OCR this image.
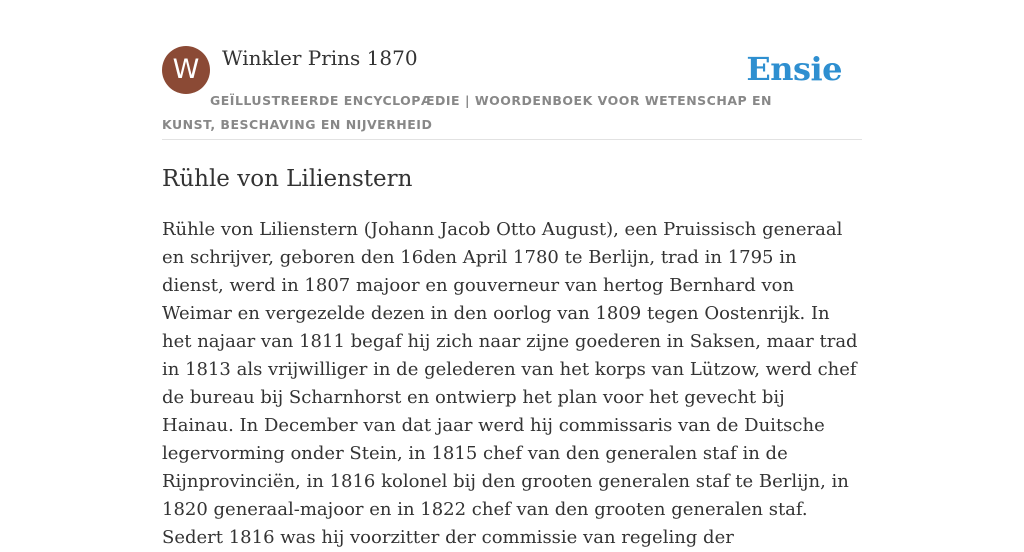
W	Winkler Prins 1870	Ensie
GEÏLLUSTREERDE ENCYCLOPÆDIE | WOORDENBOEK VOOR WETENSCHAP EN KUNST, BESCHAVING EN NIJVERHEID
Rühle von Lilienstern

Rühle von Lilienstern (Johann Jacob Otto August), een Pruissisch generaal en schrijver, geboren den 16den April 1780 te Berlijn, trad in 1795 in dienst, werd in 1807 majoor en gouverneur van hertog Bernhard von Weimar en vergezelde dezen in den oorlog van 1809 tegen Oostenrijk. In het najaar van 1811 begaf hij zich naar zijne goederen in Saksen, maar trad in 1813 als vrijwilliger in de gelederen van het korps van Lützow, werd chef de bureau bij Scharnhorst en ontwierp het plan voor het gevecht bij Hainau. In December van dat jaar werd hij commissaris van de Duitsche legervorming onder Stein, in 1815 chef van den generalen staf in de Rijnprovinciën, in 1816 kolonel bij den grooten generalen staf te Berlijn, in 1820 generaal-majoor en in 1822 chef van den grooten generalen staf. Sedert 1816 was hij voorzitter der commissie van regeling der
